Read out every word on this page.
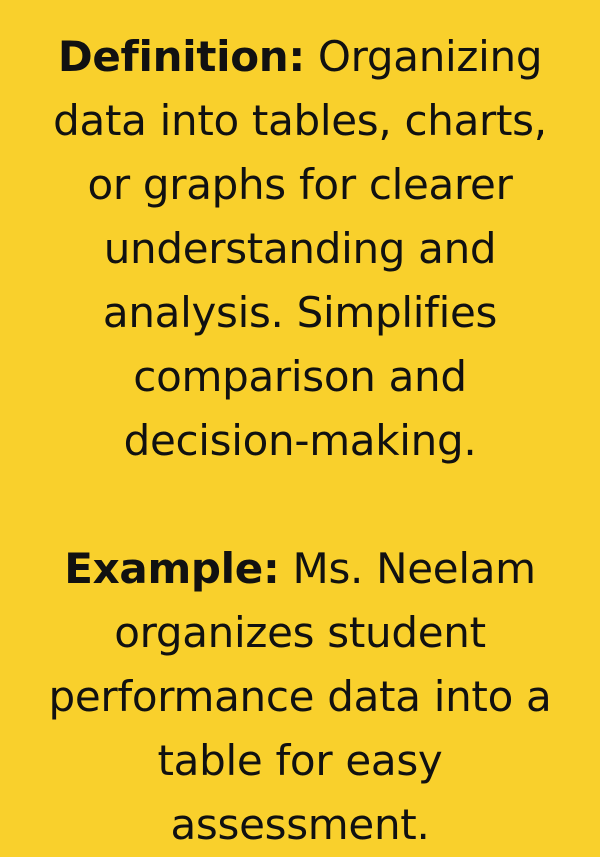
Definition: Organizing
data into tables, charts,
or graphs for clearer
understanding and
analysis. Simplifies
comparison and
decision-making.

Example: Ms. Neelam
organizes student
performance data into a
table for easy
assessment.
